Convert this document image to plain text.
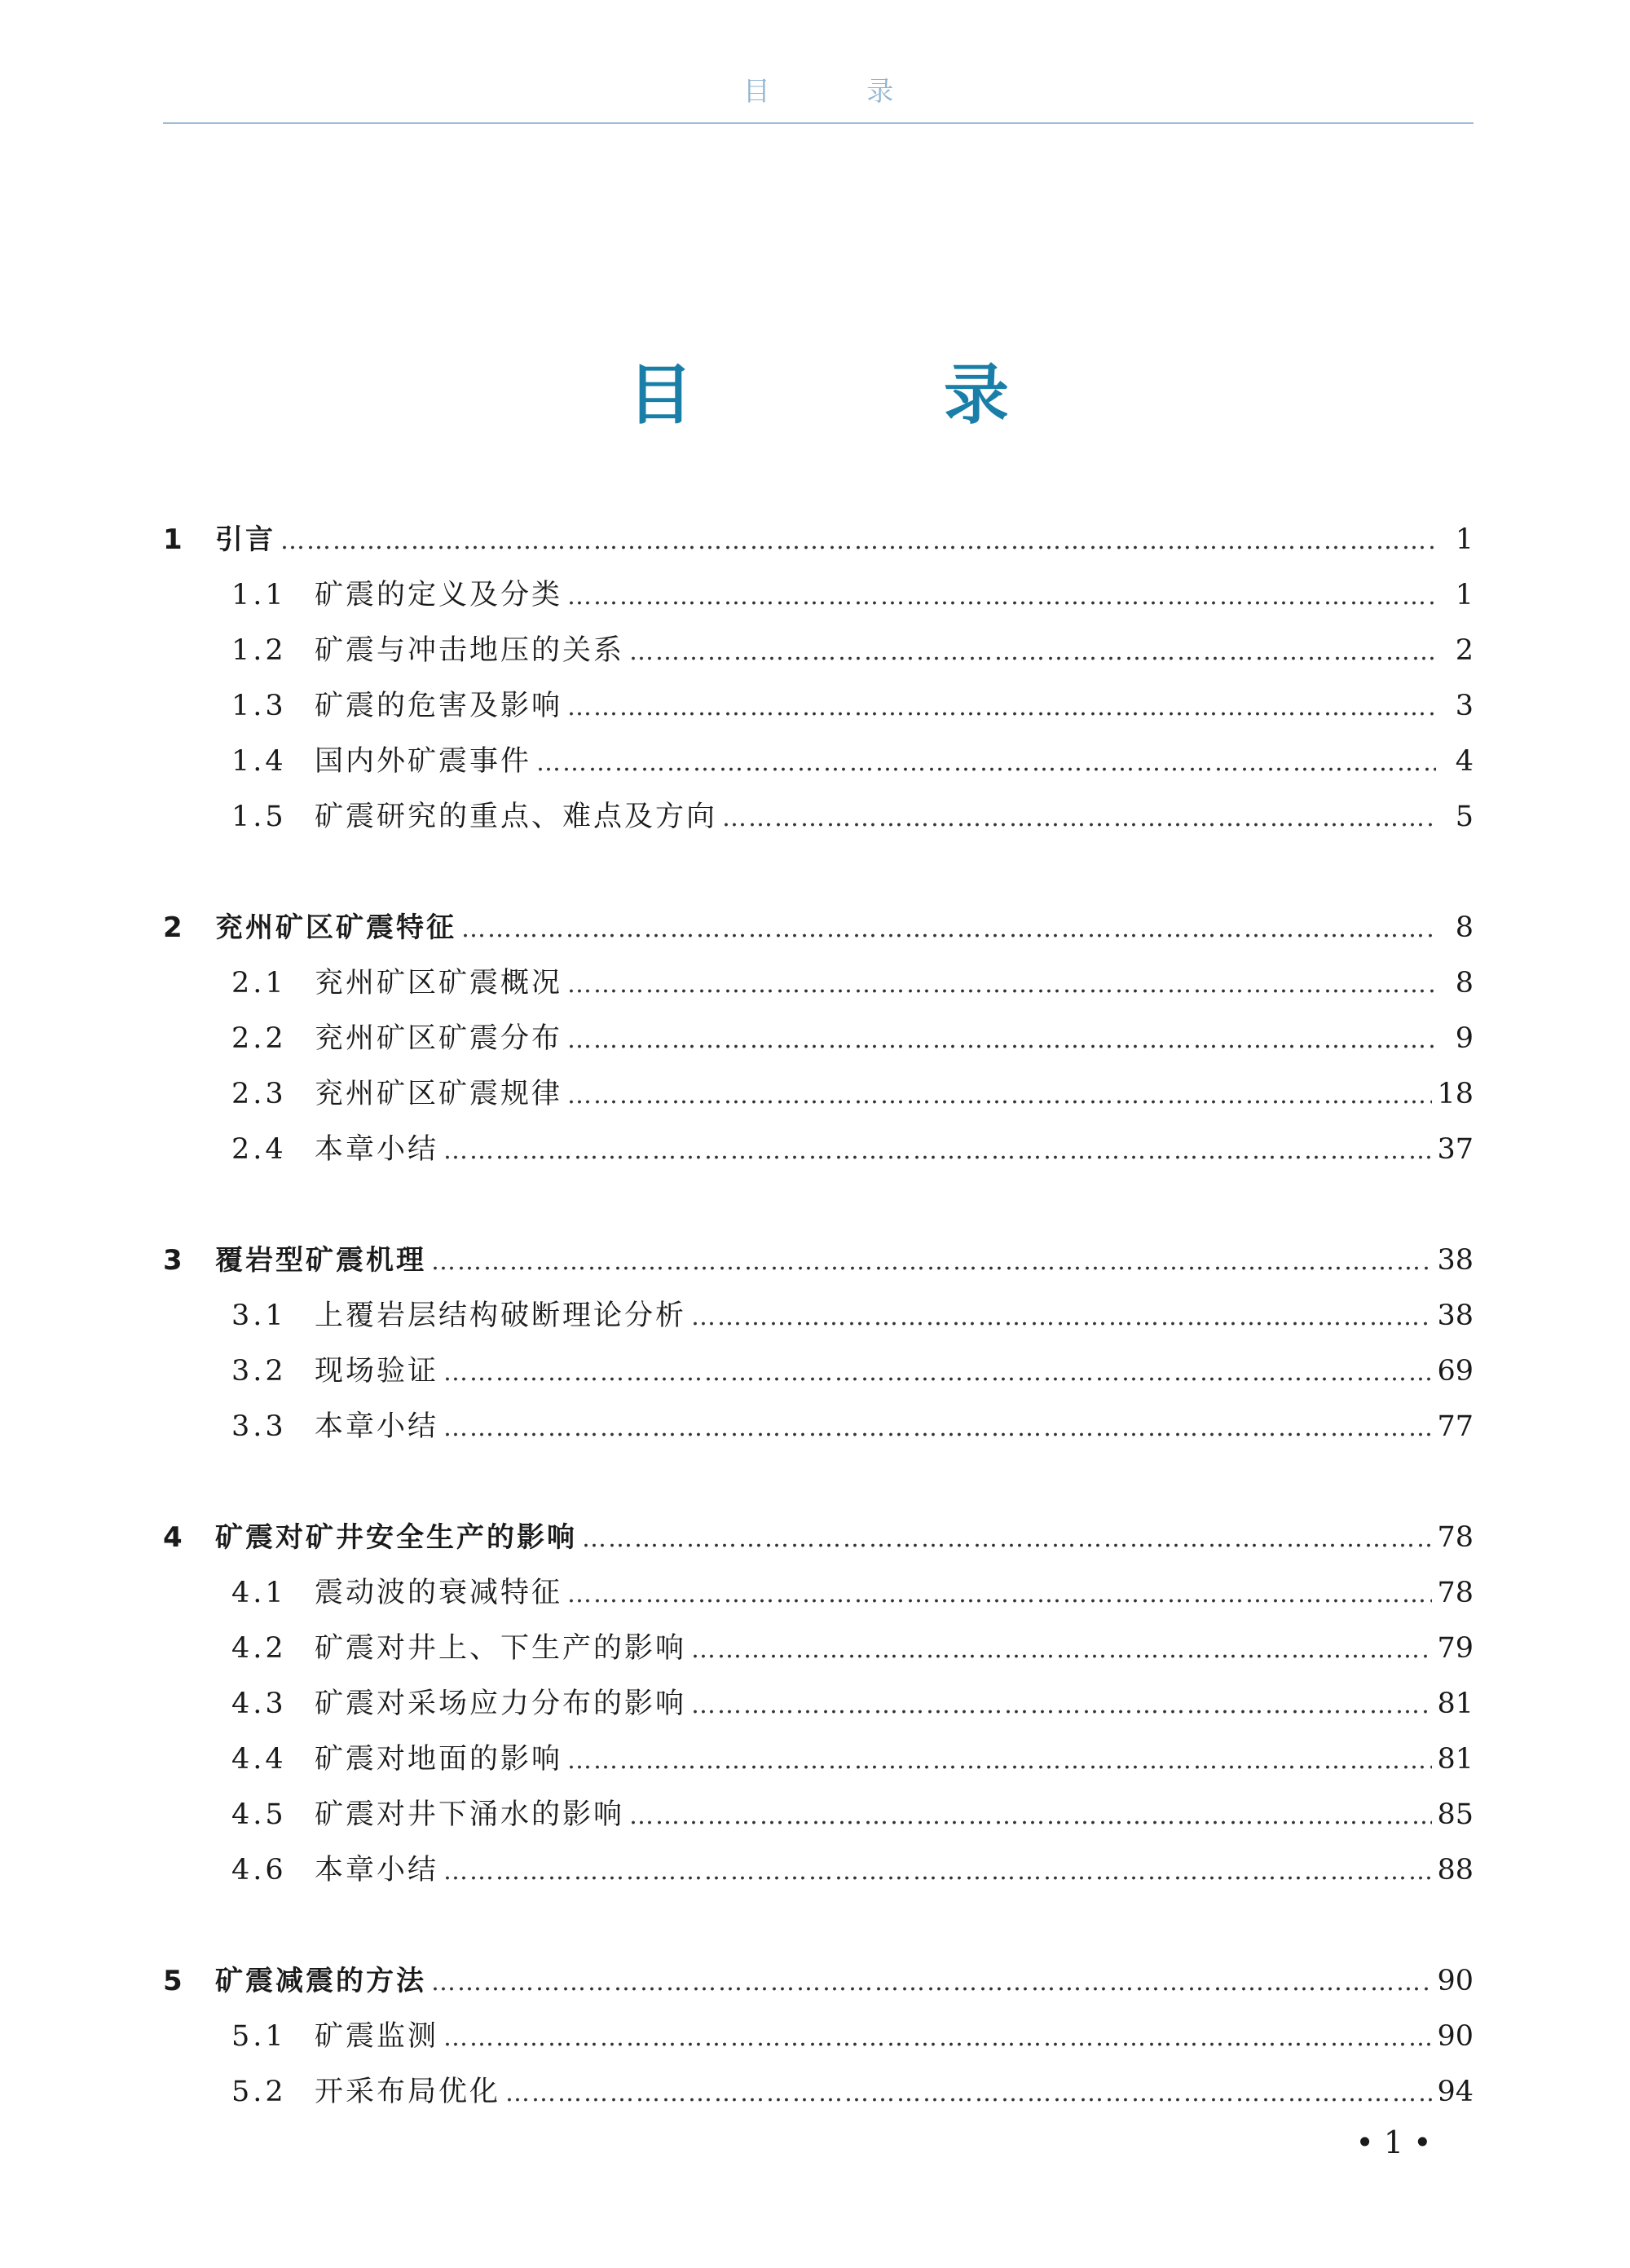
目 录
目 录
1	引言 …………………………………………………………………………………………………………………………………………………………………………………………………………………………………………………………………	1
1.1 矿震的定义及分类 …………………………………………………………………………………………………………………………………………………………………………………………………………………………………………………………………	1
1.2 矿震与冲击地压的关系 …………………………………………………………………………………………………………………………………………………………………………………………………………………………………………………………………	2
1.3 矿震的危害及影响 …………………………………………………………………………………………………………………………………………………………………………………………………………………………………………………………………	3
1.4 国内外矿震事件 …………………………………………………………………………………………………………………………………………………………………………………………………………………………………………………………………	4
1.5 矿震研究的重点、难点及方向 …………………………………………………………………………………………………………………………………………………………………………………………………………………………………………………………………	5
2	兖州矿区矿震特征 …………………………………………………………………………………………………………………………………………………………………………………………………………………………………………………………………	8
2.1 兖州矿区矿震概况 …………………………………………………………………………………………………………………………………………………………………………………………………………………………………………………………………	8
2.2 兖州矿区矿震分布 …………………………………………………………………………………………………………………………………………………………………………………………………………………………………………………………………	9
2.3 兖州矿区矿震规律 …………………………………………………………………………………………………………………………………………………………………………………………………………………………………………………………………	18
2.4 本章小结 …………………………………………………………………………………………………………………………………………………………………………………………………………………………………………………………………	37
3	覆岩型矿震机理 …………………………………………………………………………………………………………………………………………………………………………………………………………………………………………………………………	38
3.1 上覆岩层结构破断理论分析 …………………………………………………………………………………………………………………………………………………………………………………………………………………………………………………………………	38
3.2 现场验证 …………………………………………………………………………………………………………………………………………………………………………………………………………………………………………………………………	69
3.3 本章小结 …………………………………………………………………………………………………………………………………………………………………………………………………………………………………………………………………	77
4	矿震对矿井安全生产的影响 …………………………………………………………………………………………………………………………………………………………………………………………………………………………………………………………………	78
4.1 震动波的衰减特征 …………………………………………………………………………………………………………………………………………………………………………………………………………………………………………………………………	78
4.2 矿震对井上、下生产的影响 …………………………………………………………………………………………………………………………………………………………………………………………………………………………………………………………………	79
4.3 矿震对采场应力分布的影响 …………………………………………………………………………………………………………………………………………………………………………………………………………………………………………………………………	81
4.4 矿震对地面的影响 …………………………………………………………………………………………………………………………………………………………………………………………………………………………………………………………………	81
4.5 矿震对井下涌水的影响 …………………………………………………………………………………………………………………………………………………………………………………………………………………………………………………………………	85
4.6 本章小结 …………………………………………………………………………………………………………………………………………………………………………………………………………………………………………………………………	88
5	矿震减震的方法 …………………………………………………………………………………………………………………………………………………………………………………………………………………………………………………………………	90
5.1 矿震监测 …………………………………………………………………………………………………………………………………………………………………………………………………………………………………………………………………	90
5.2 开采布局优化 …………………………………………………………………………………………………………………………………………………………………………………………………………………………………………………………………	94
• 1 •
